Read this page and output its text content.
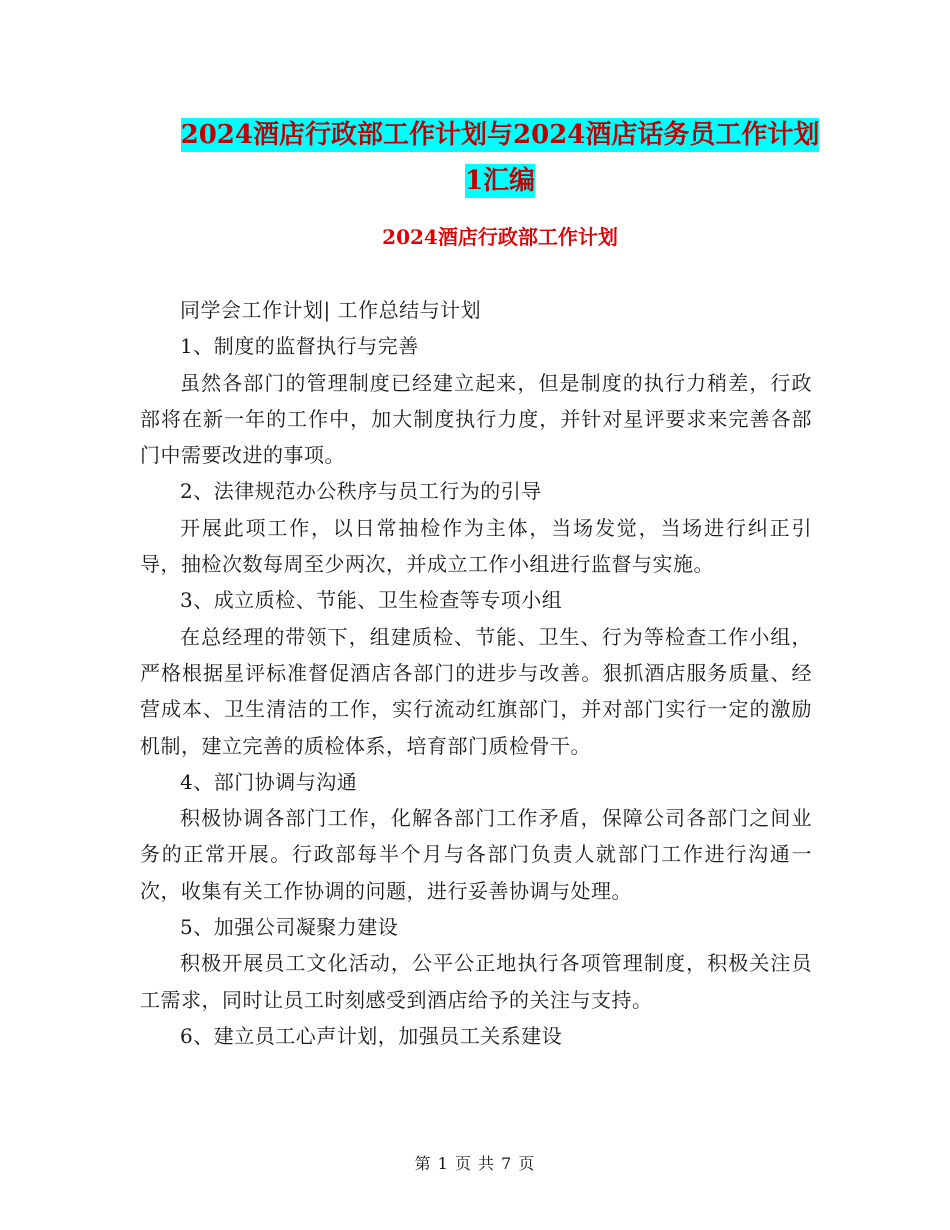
2024酒店行政部工作计划与2024酒店话务员工作计划
1汇编
2024酒店行政部工作计划

同学会工作计划| 工作总结与计划

1、制度的监督执行与完善

虽然各部门的管理制度已经建立起来，但是制度的执行力稍差，行政部将在新一年的工作中，加大制度执行力度，并针对星评要求来完善各部门中需要改进的事项。

2、法律规范办公秩序与员工行为的引导

开展此项工作，以日常抽检作为主体，当场发觉，当场进行纠正引导，抽检次数每周至少两次，并成立工作小组进行监督与实施。

3、成立质检、节能、卫生检查等专项小组

在总经理的带领下，组建质检、节能、卫生、行为等检查工作小组，严格根据星评标准督促酒店各部门的进步与改善。狠抓酒店服务质量、经营成本、卫生清洁的工作，实行流动红旗部门，并对部门实行一定的激励机制，建立完善的质检体系，培育部门质检骨干。

4、部门协调与沟通

积极协调各部门工作，化解各部门工作矛盾，保障公司各部门之间业务的正常开展。行政部每半个月与各部门负责人就部门工作进行沟通一次，收集有关工作协调的问题，进行妥善协调与处理。

5、加强公司凝聚力建设

积极开展员工文化活动，公平公正地执行各项管理制度，积极关注员工需求，同时让员工时刻感受到酒店给予的关注与支持。

6、建立员工心声计划，加强员工关系建设

第 1 页 共 7 页
